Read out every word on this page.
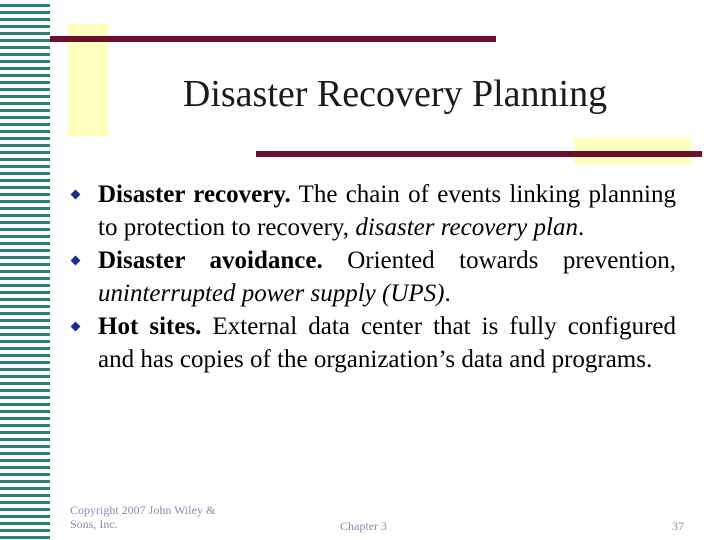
Disaster Recovery Planning
Disaster recovery. The chain of events linking planning to protection to recovery, disaster recovery plan.
Disaster avoidance. Oriented towards prevention, uninterrupted power supply (UPS).
Hot sites. External data center that is fully configured and has copies of the organization’s data and programs.
Copyright 2007 John Wiley & Sons, Inc.	Chapter 3	37
